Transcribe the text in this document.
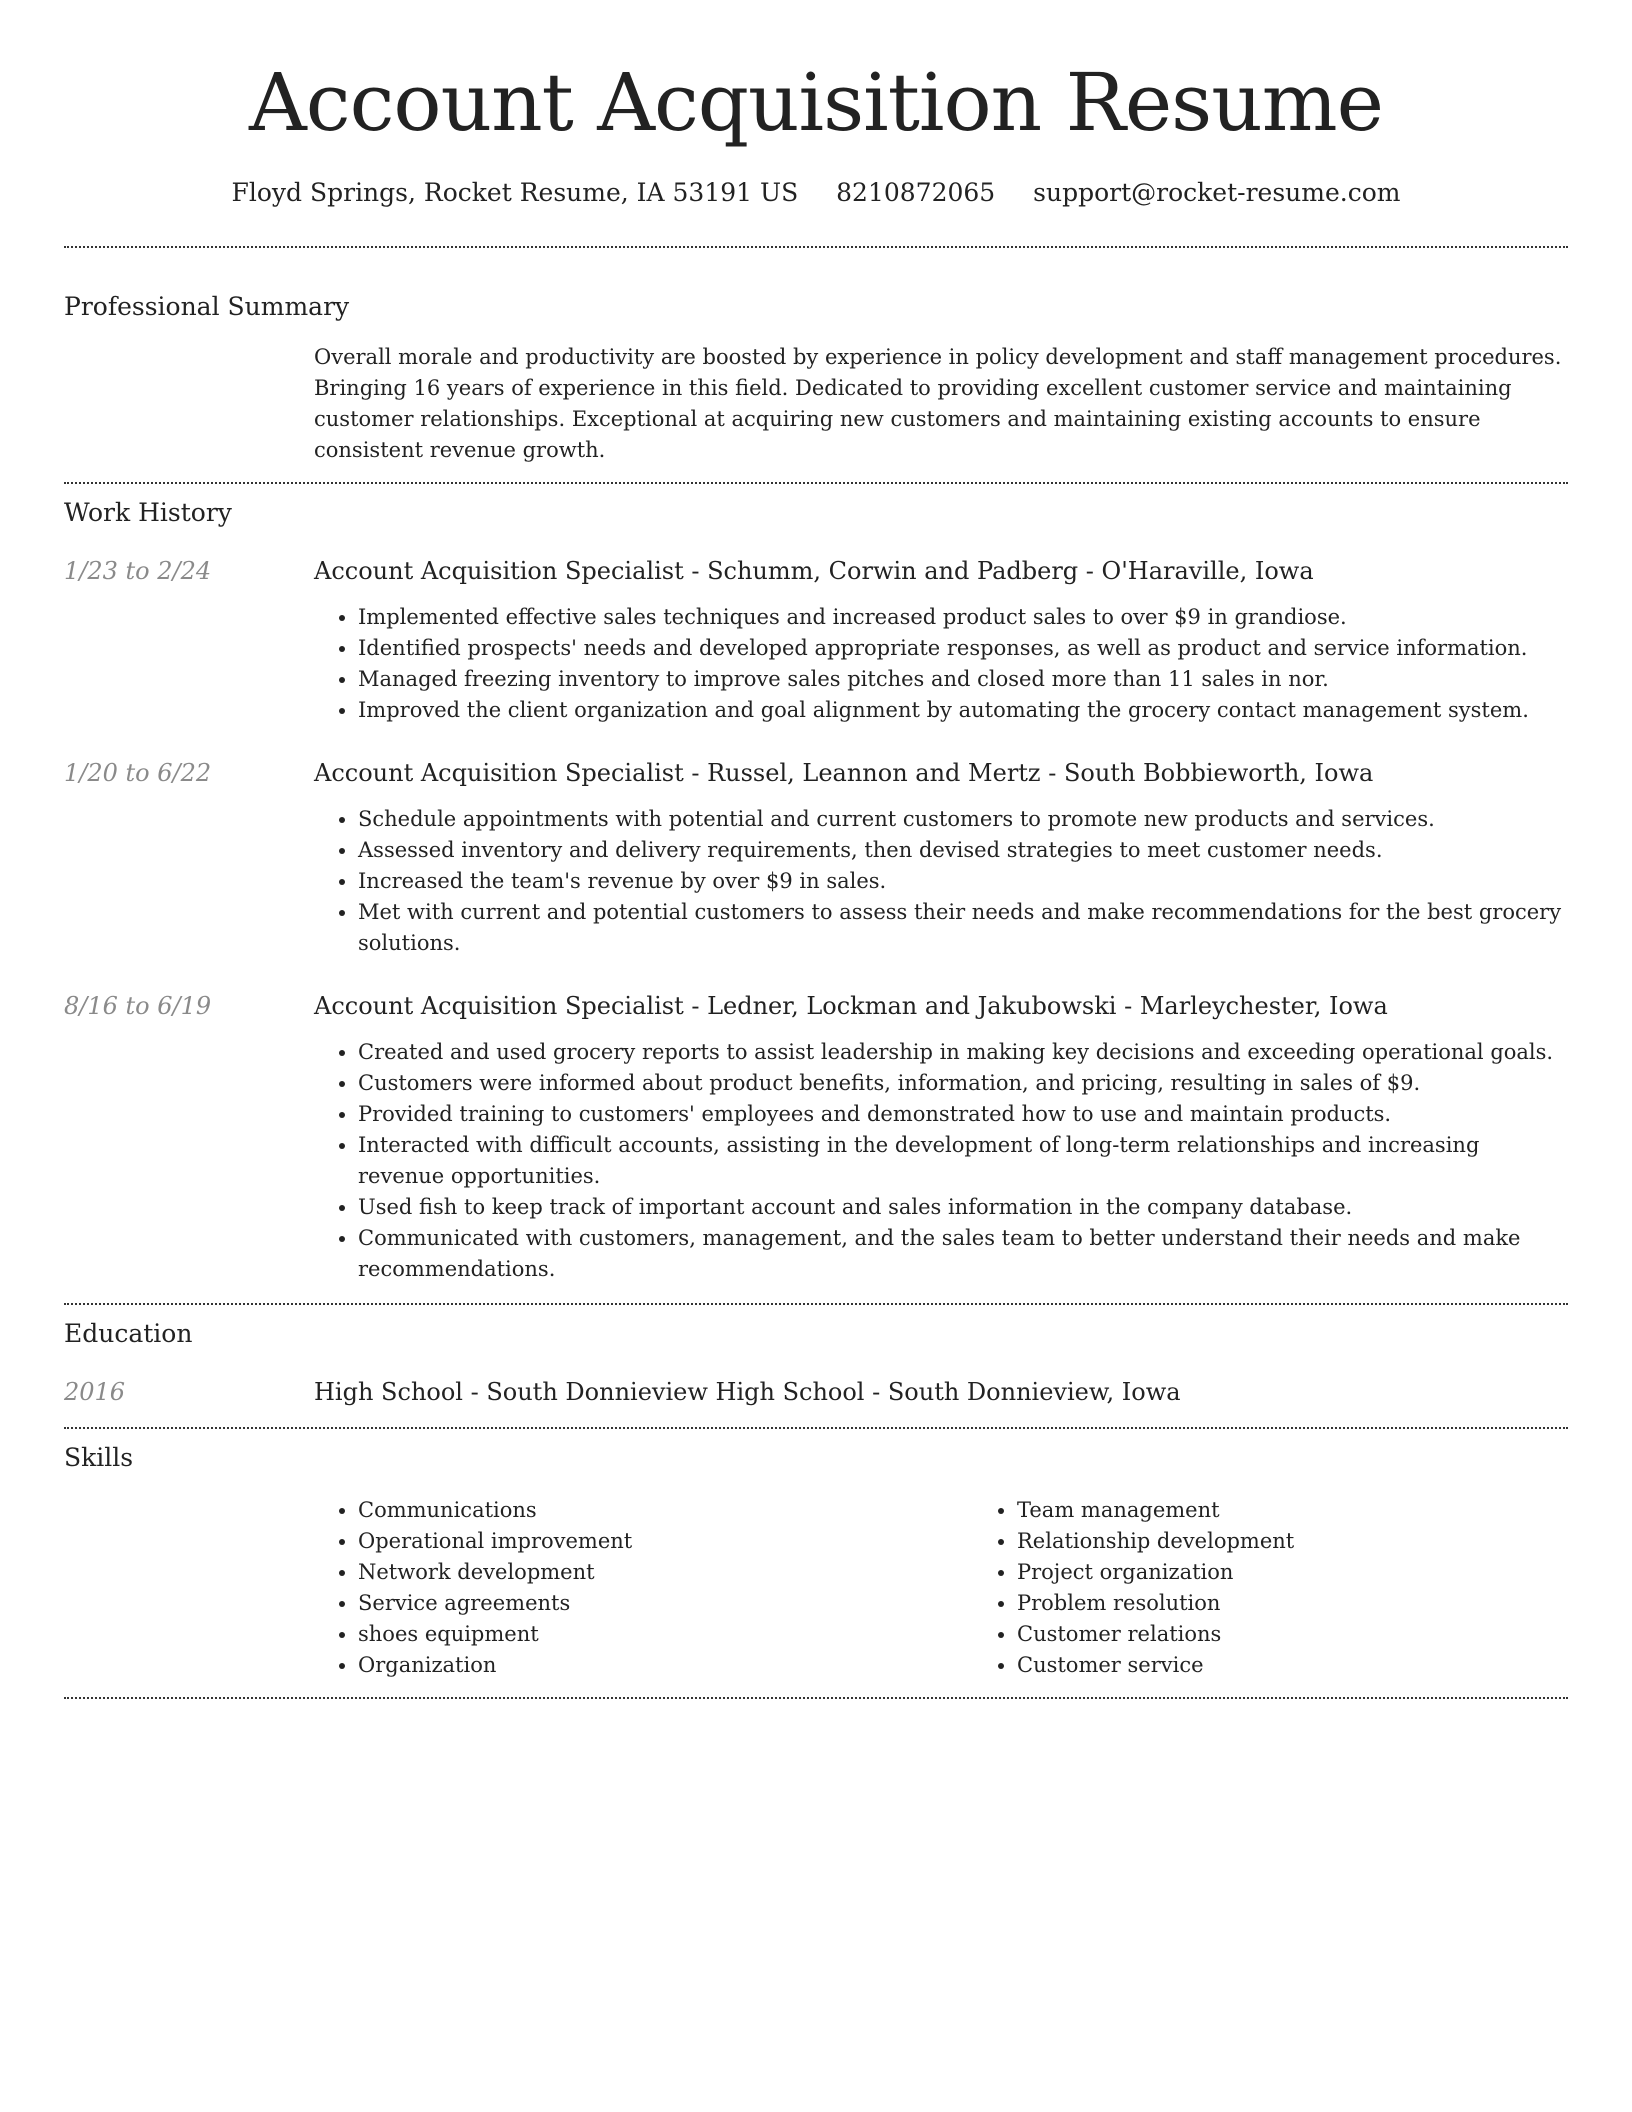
Account Acquisition Resume
Floyd Springs, Rocket Resume, IA 53191 US 8210872065 support@rocket-resume.com
Professional Summary
Overall morale and productivity are boosted by experience in policy development and staff management procedures. Bringing 16 years of experience in this field. Dedicated to providing excellent customer service and maintaining customer relationships. Exceptional at acquiring new customers and maintaining existing accounts to ensure consistent revenue growth.
Work History
1/23 to 2/24	Account Acquisition Specialist - Schumm, Corwin and Padberg - O'Haraville, Iowa
• Implemented effective sales techniques and increased product sales to over $9 in grandiose.
• Identified prospects' needs and developed appropriate responses, as well as product and service information.
• Managed freezing inventory to improve sales pitches and closed more than 11 sales in nor.
• Improved the client organization and goal alignment by automating the grocery contact management system.
1/20 to 6/22	Account Acquisition Specialist - Russel, Leannon and Mertz - South Bobbieworth, Iowa
• Schedule appointments with potential and current customers to promote new products and services.
• Assessed inventory and delivery requirements, then devised strategies to meet customer needs.
• Increased the team's revenue by over $9 in sales.
• Met with current and potential customers to assess their needs and make recommendations for the best grocery solutions.
8/16 to 6/19	Account Acquisition Specialist - Ledner, Lockman and Jakubowski - Marleychester, Iowa
• Created and used grocery reports to assist leadership in making key decisions and exceeding operational goals.
• Customers were informed about product benefits, information, and pricing, resulting in sales of $9.
• Provided training to customers' employees and demonstrated how to use and maintain products.
• Interacted with difficult accounts, assisting in the development of long-term relationships and increasing revenue opportunities.
• Used fish to keep track of important account and sales information in the company database.
• Communicated with customers, management, and the sales team to better understand their needs and make recommendations.
Education
2016	High School - South Donnieview High School - South Donnieview, Iowa
Skills
• Communications
• Operational improvement
• Network development
• Service agreements
• shoes equipment
• Organization
• Team management
• Relationship development
• Project organization
• Problem resolution
• Customer relations
• Customer service
